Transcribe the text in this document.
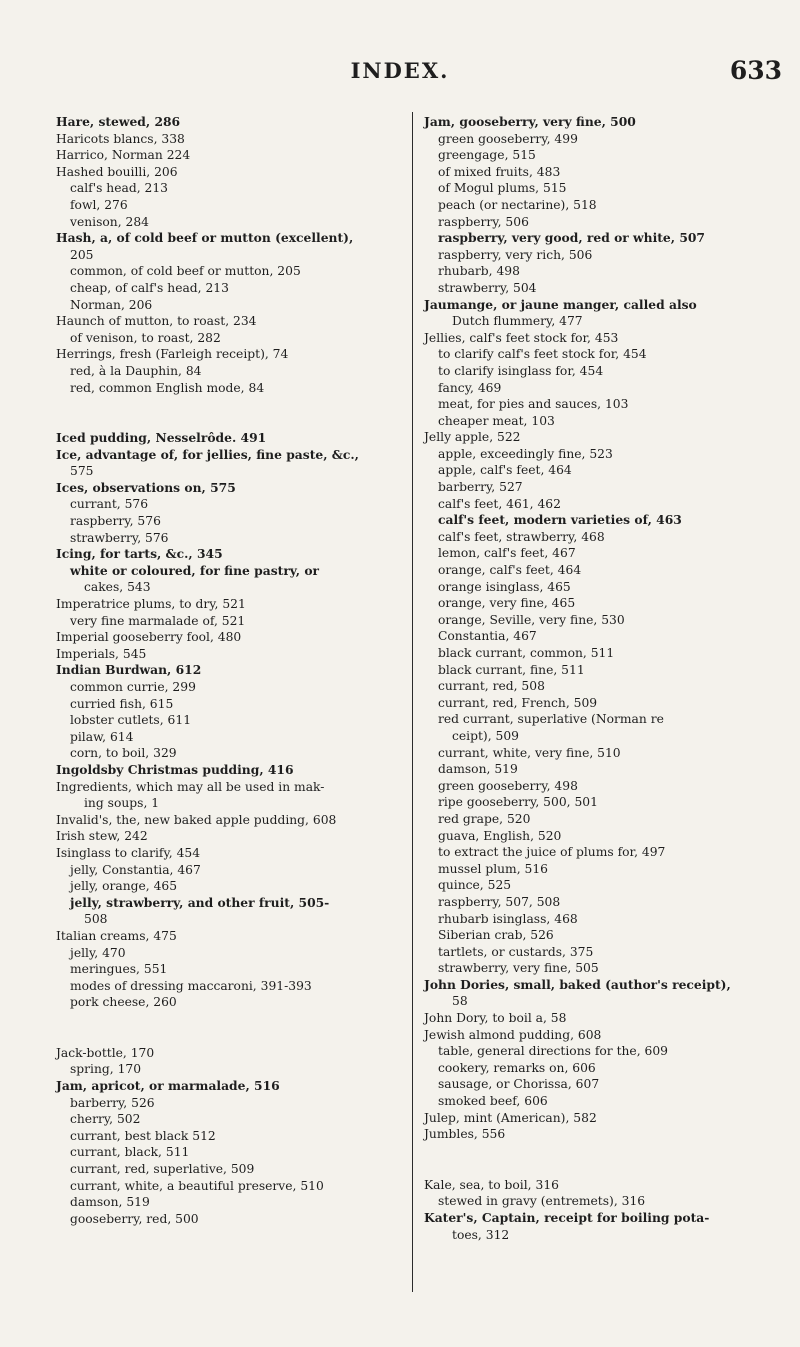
INDEX.	633
Hare, stewed, 286
Haricots blancs, 338
Harrico, Norman 224
Hashed bouilli, 206
calf's head, 213
fowl, 276
venison, 284
Hash, a, of cold beef or mutton (excellent),
205
common, of cold beef or mutton, 205
cheap, of calf's head, 213
Norman, 206
Haunch of mutton, to roast, 234
of venison, to roast, 282
Herrings, fresh (Farleigh receipt), 74
red, à la Dauphin, 84
red, common English mode, 84
Iced pudding, Nesselrôde. 491
Ice, advantage of, for jellies, fine paste, &c.,
575
Ices, observations on, 575
currant, 576
raspberry, 576
strawberry, 576
Icing, for tarts, &c., 345
white or coloured, for fine pastry, or
cakes, 543
Imperatrice plums, to dry, 521
very fine marmalade of, 521
Imperial gooseberry fool, 480
Imperials, 545
Indian Burdwan, 612
common currie, 299
curried fish, 615
lobster cutlets, 611
pilaw, 614
corn, to boil, 329
Ingoldsby Christmas pudding, 416
Ingredients, which may all be used in mak-
ing soups, 1
Invalid's, the, new baked apple pudding, 608
Irish stew, 242
Isinglass to clarify, 454
jelly, Constantia, 467
jelly, orange, 465
jelly, strawberry, and other fruit, 505-
508
Italian creams, 475
jelly, 470
meringues, 551
modes of dressing maccaroni, 391-393
pork cheese, 260
Jack-bottle, 170
spring, 170
Jam, apricot, or marmalade, 516
barberry, 526
cherry, 502
currant, best black 512
currant, black, 511
currant, red, superlative, 509
currant, white, a beautiful preserve, 510
damson, 519
gooseberry, red, 500
Jam, gooseberry, very fine, 500
green gooseberry, 499
greengage, 515
of mixed fruits, 483
of Mogul plums, 515
peach (or nectarine), 518
raspberry, 506
raspberry, very good, red or white, 507
raspberry, very rich, 506
rhubarb, 498
strawberry, 504
Jaumange, or jaune manger, called also
Dutch flummery, 477
Jellies, calf's feet stock for, 453
to clarify calf's feet stock for, 454
to clarify isinglass for, 454
fancy, 469
meat, for pies and sauces, 103
cheaper meat, 103
Jelly apple, 522
apple, exceedingly fine, 523
apple, calf's feet, 464
barberry, 527
calf's feet, 461, 462
calf's feet, modern varieties of, 463
calf's feet, strawberry, 468
lemon, calf's feet, 467
orange, calf's feet, 464
orange isinglass, 465
orange, very fine, 465
orange, Seville, very fine, 530
Constantia, 467
black currant, common, 511
black currant, fine, 511
currant, red, 508
currant, red, French, 509
red currant, superlative (Norman re
ceipt), 509
currant, white, very fine, 510
damson, 519
green gooseberry, 498
ripe gooseberry, 500, 501
red grape, 520
guava, English, 520
to extract the juice of plums for, 497
mussel plum, 516
quince, 525
raspberry, 507, 508
rhubarb isinglass, 468
Siberian crab, 526
tartlets, or custards, 375
strawberry, very fine, 505
John Dories, small, baked (author's receipt),
58
John Dory, to boil a, 58
Jewish almond pudding, 608
table, general directions for the, 609
cookery, remarks on, 606
sausage, or Chorissa, 607
smoked beef, 606
Julep, mint (American), 582
Jumbles, 556
Kale, sea, to boil, 316
stewed in gravy (entremets), 316
Kater's, Captain, receipt for boiling pota-
toes, 312
